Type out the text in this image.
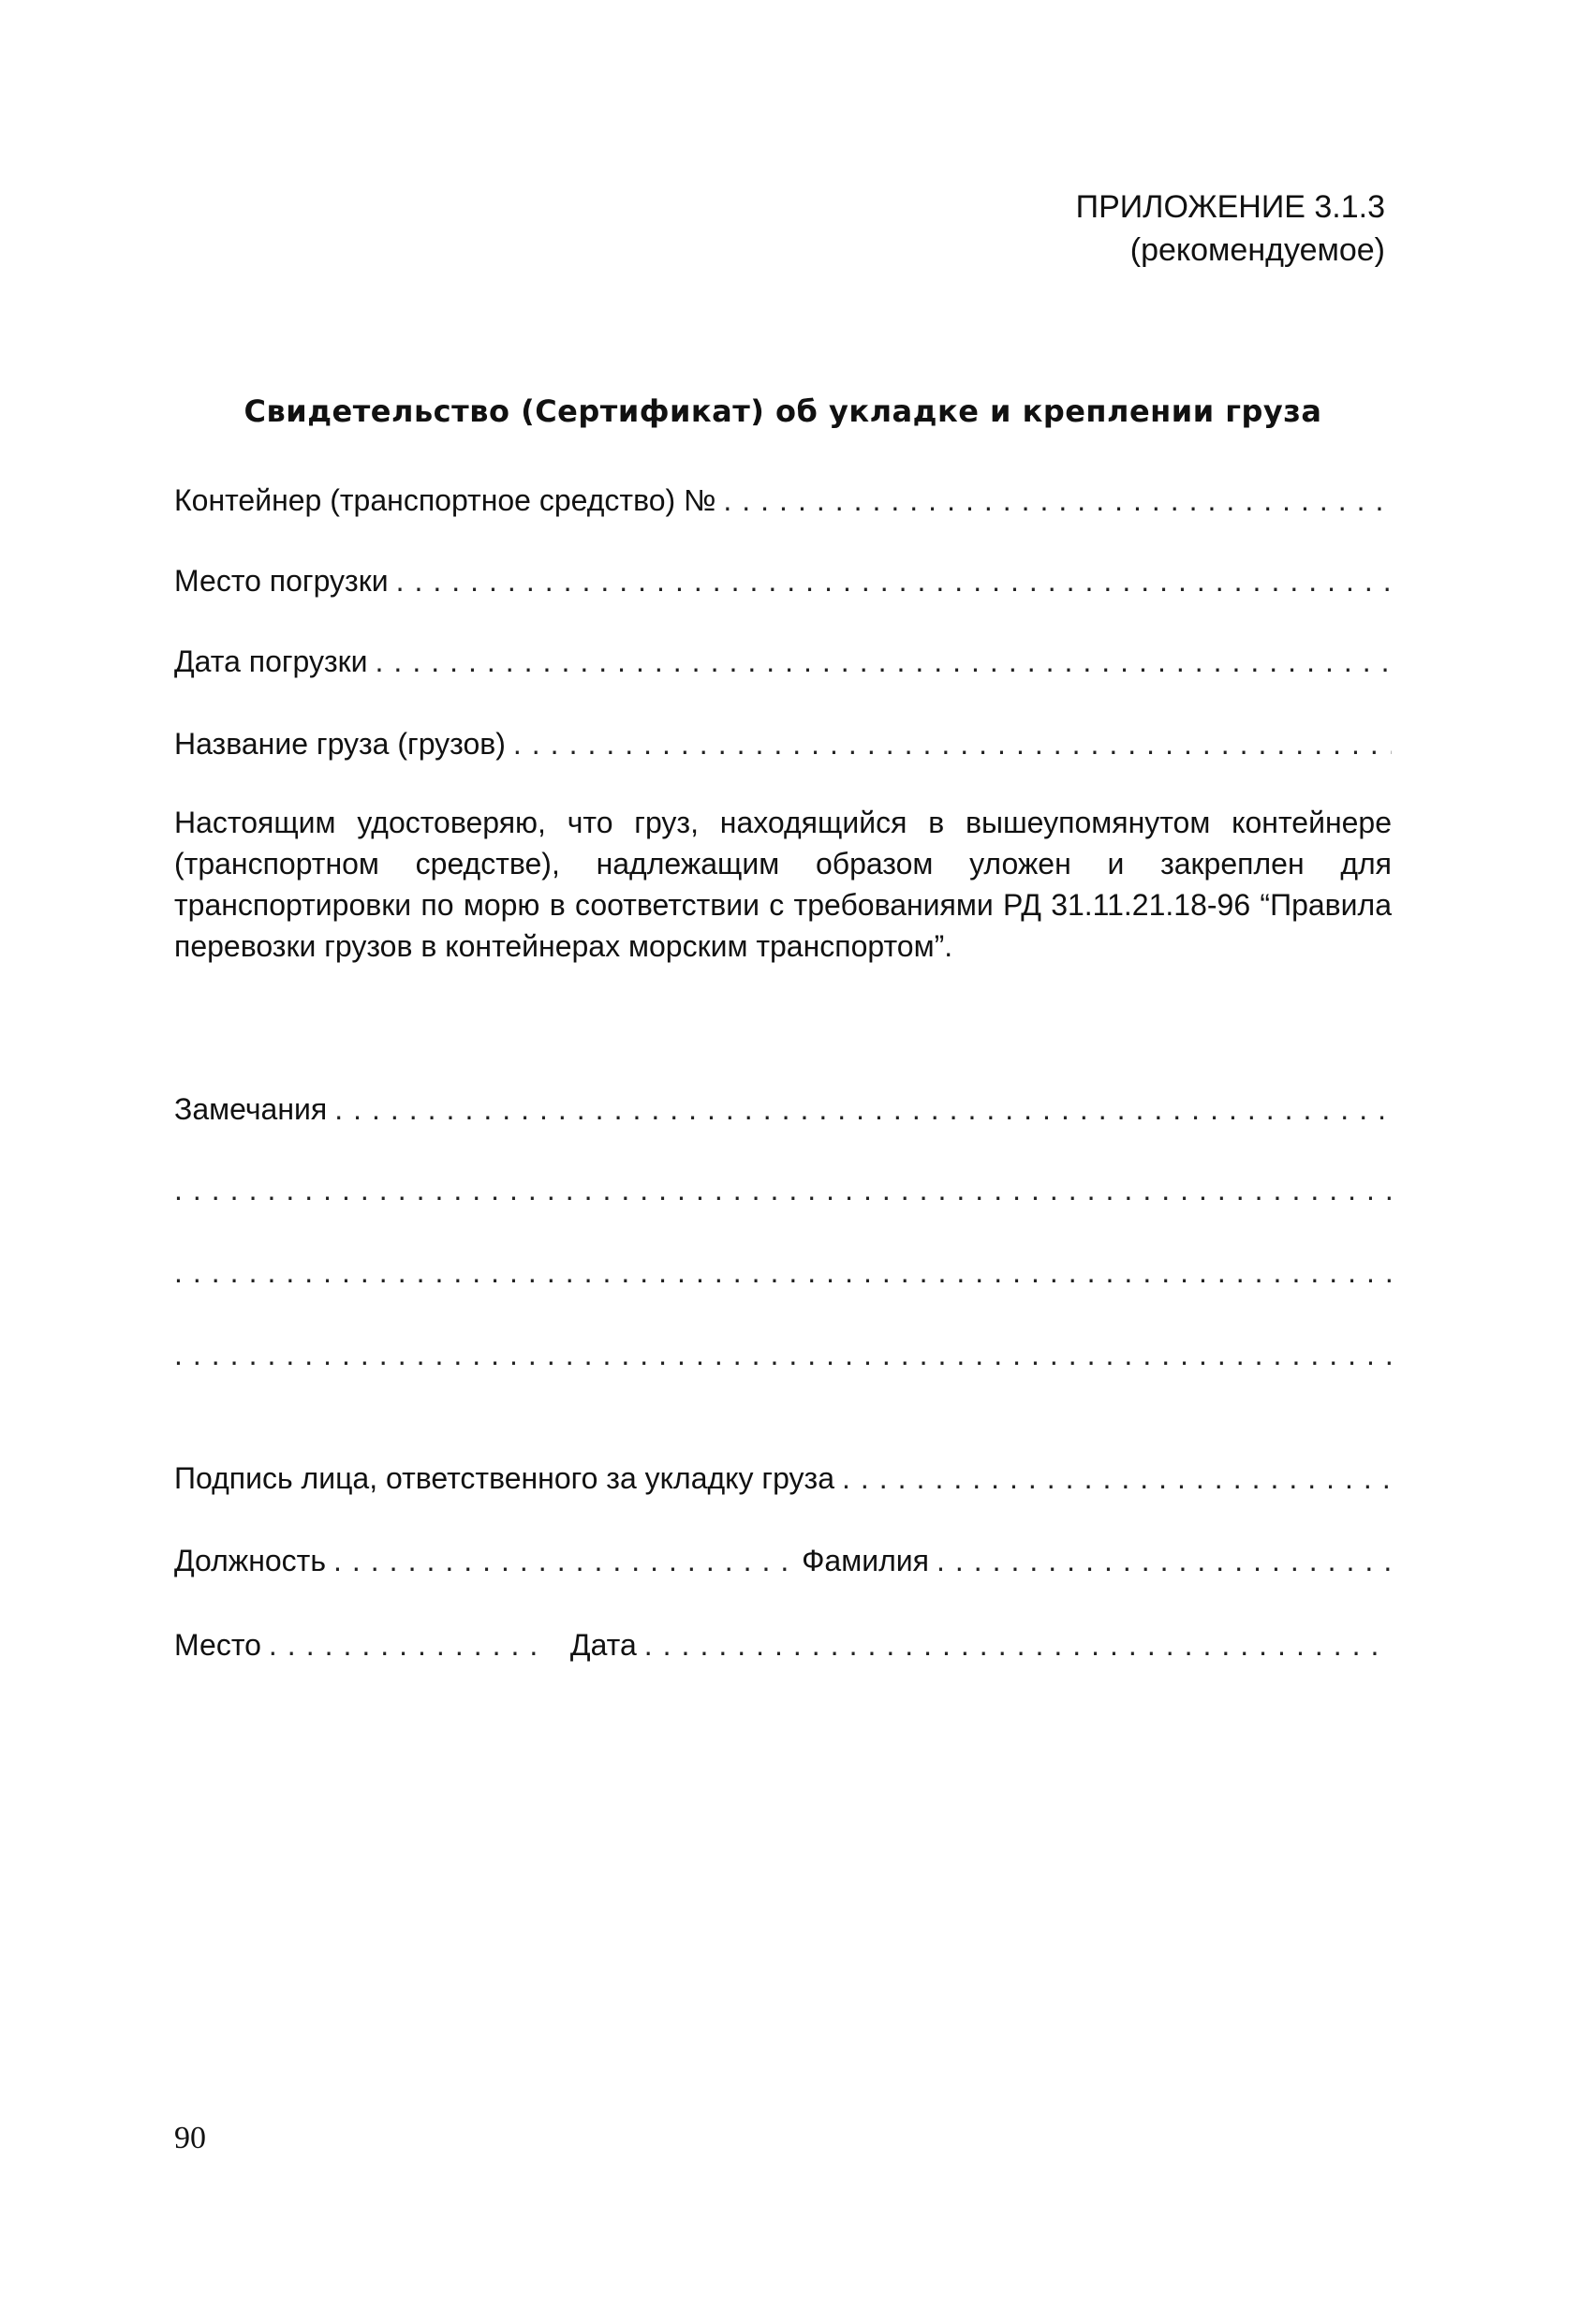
ПРИЛОЖЕНИЕ 3.1.3
(рекомендуемое)
Свидетельство (Сертификат) об укладке и креплении груза
Контейнер (транспортное средство) №
.....
Место погрузки
.....
Дата погрузки
.....
Название груза (грузов)
.....
Настоящим удостоверяю, что груз, находящийся в вышеупомянутом контейнере (транспортном средстве), надлежащим образом уложен и закреплен для транспортировки по морю в соответствии с требованиями РД 31.11.21.18-96 “Правила перевозки грузов в контейнерах морским транспортом”.
Замечания
.....
.....
.....
.....
Подпись лица, ответственного за укладку груза
.....
Должность .....	Фамилия
.....
Место .....	Дата
.....
90
